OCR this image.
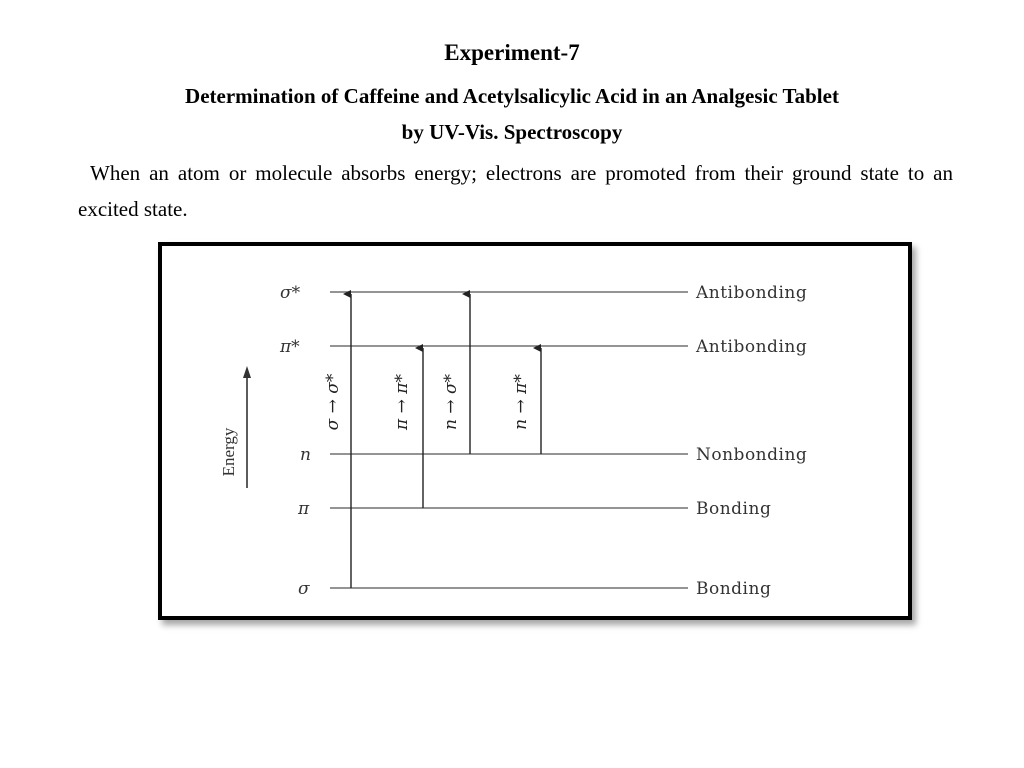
Experiment-7
Determination of Caffeine and Acetylsalicylic Acid in an Analgesic Tablet
by UV-Vis. Spectroscopy
When an atom or molecule absorbs energy; electrons are promoted from their ground state to an excited state.
Energy
σ*
π*
n
π
σ
Antibonding
Antibonding
Nonbonding
Bonding
Bonding
σ → σ*	π → π* n → σ*	n → π*
